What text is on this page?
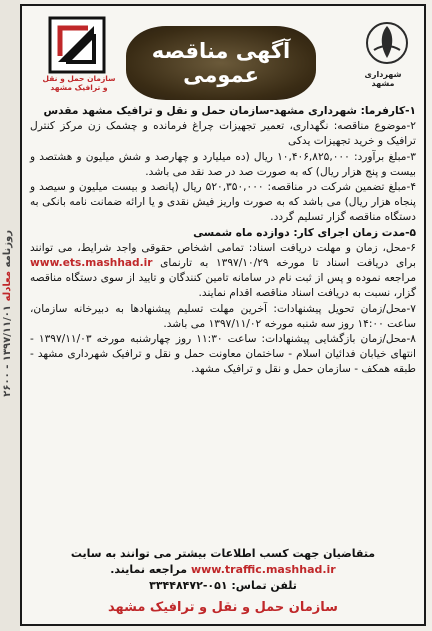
روزنامه معادله ۱۳۹۷/۱۱/۰۱ - ۲۶۰۰
سازمان حمل و نقل و ترافیک مشهد
آگهی مناقصه
عمومی	شهرداری مشهد

۱-کارفرما: شهرداری مشهد-سازمان حمل و نقل و ترافیک مشهد مقدس

۲-موضوع مناقصه: نگهداری، تعمیر تجهیزات چراغ فرمانده و چشمک زن مرکز کنترل ترافیک و خرید تجهیزات یدکی

۳-مبلغ برآورد: ۱۰,۴۰۶,۸۲۵,۰۰۰ ریال (ده میلیارد و چهارصد و شش میلیون و هشتصد و بیست و پنج هزار ریال) که به صورت صد در صد نقد می باشد.

۴-مبلغ تضمین شرکت در مناقصه: ۵۲۰,۳۵۰,۰۰۰ ریال (پانصد و بیست میلیون و سیصد و پنجاه هزار ریال) می باشد که به صورت واریز فیش نقدی و یا ارائه ضمانت نامه بانکی به دستگاه مناقصه گزار تسلیم گردد.

۵-مدت زمان اجرای کار: دوازده ماه شمسی

۶-محل، زمان و مهلت دریافت اسناد: تمامی اشخاص حقوقی واجد شرایط، می توانند برای دریافت اسناد تا مورخه ۱۳۹۷/۱۰/۲۹ به تارنمای www.ets.mashhad.ir مراجعه نموده و پس از ثبت نام در سامانه تامین کنندگان و تایید از سوی دستگاه مناقصه گزار، نسبت به دریافت اسناد مناقصه اقدام نمایند.

۷-محل/زمان تحویل پیشنهادات: آخرین مهلت تسلیم پیشنهادها به دبیرخانه سازمان، ساعت ۱۴:۰۰ روز سه شنبه مورخه ۱۳۹۷/۱۱/۰۲ می باشد.

۸-محل/زمان بازگشایی پیشنهادات: ساعت ۱۱:۳۰ روز چهارشنبه مورخه ۱۳۹۷/۱۱/۰۳ - انتهای خیابان فدائیان اسلام - ساختمان معاونت حمل و نقل و ترافیک شهرداری مشهد - طبقه همکف - سازمان حمل و نقل و ترافیک مشهد.

متقاضیان جهت کسب اطلاعات بیشتر می توانند به سایت
www.traffic.mashhad.ir مراجعه نمایند.
تلفن تماس: ۰۵۱-۳۳۴۴۸۴۷۲
سازمان حمل و نقل و ترافیک مشهد
